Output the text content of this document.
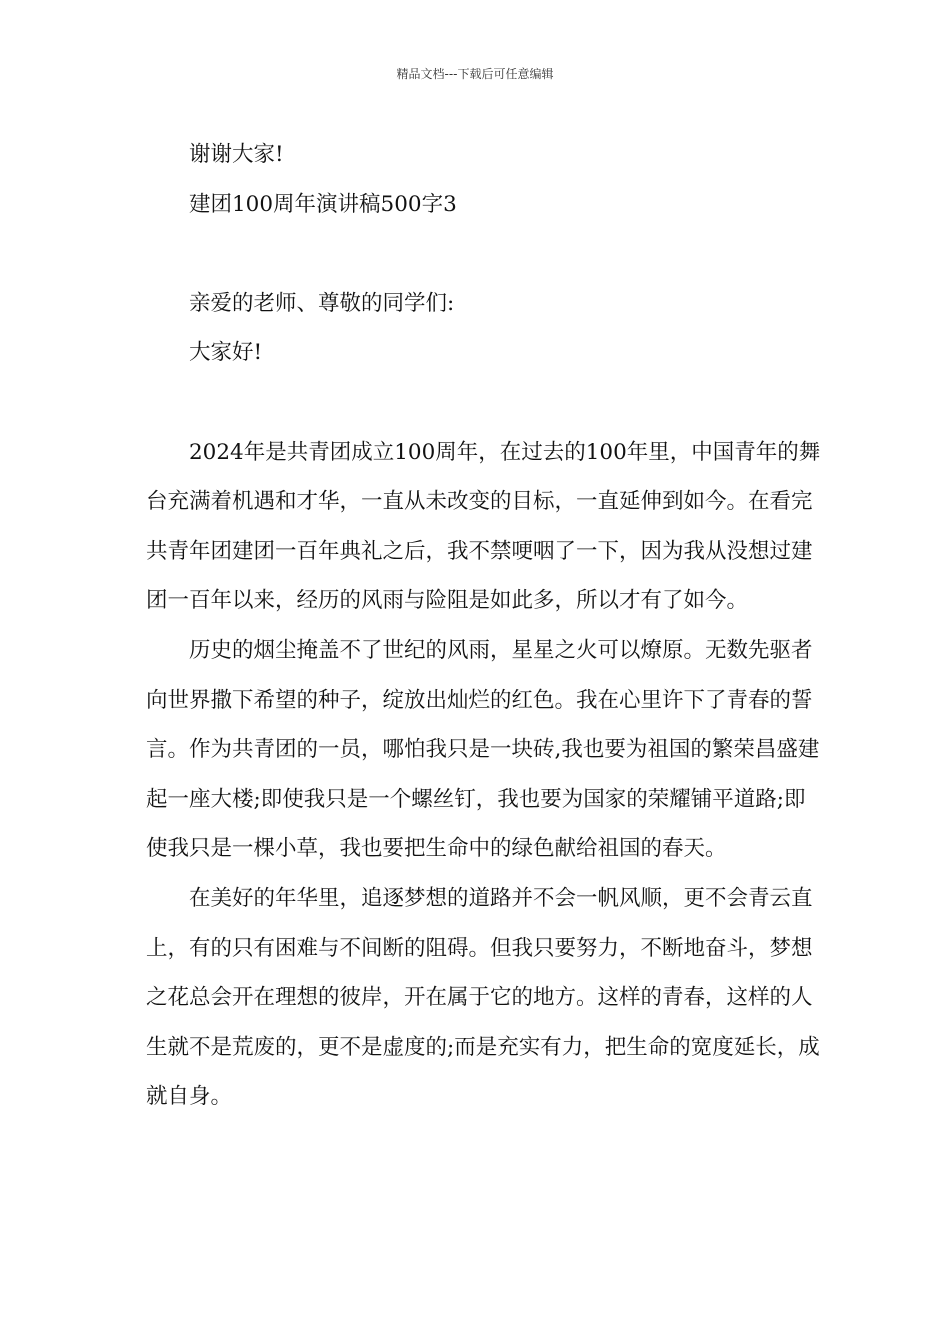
精品文档---下载后可任意编辑

谢谢大家!

建团100周年演讲稿500字3

亲爱的老师、尊敬的同学们:

大家好!

2024年是共青团成立100周年，在过去的100年里，中国青年的舞台充满着机遇和才华，一直从未改变的目标，一直延伸到如今。在看完共青年团建团一百年典礼之后，我不禁哽咽了一下，因为我从没想过建团一百年以来，经历的风雨与险阻是如此多，所以才有了如今。

历史的烟尘掩盖不了世纪的风雨，星星之火可以燎原。无数先驱者向世界撒下希望的种子，绽放出灿烂的红色。我在心里许下了青春的誓言。作为共青团的一员，哪怕我只是一块砖,我也要为祖国的繁荣昌盛建起一座大楼;即使我只是一个螺丝钉，我也要为国家的荣耀铺平道路;即使我只是一棵小草，我也要把生命中的绿色献给祖国的春天。

在美好的年华里，追逐梦想的道路并不会一帆风顺，更不会青云直上，有的只有困难与不间断的阻碍。但我只要努力，不断地奋斗，梦想之花总会开在理想的彼岸，开在属于它的地方。这样的青春，这样的人生就不是荒废的，更不是虚度的;而是充实有力，把生命的宽度延长，成就自身。
